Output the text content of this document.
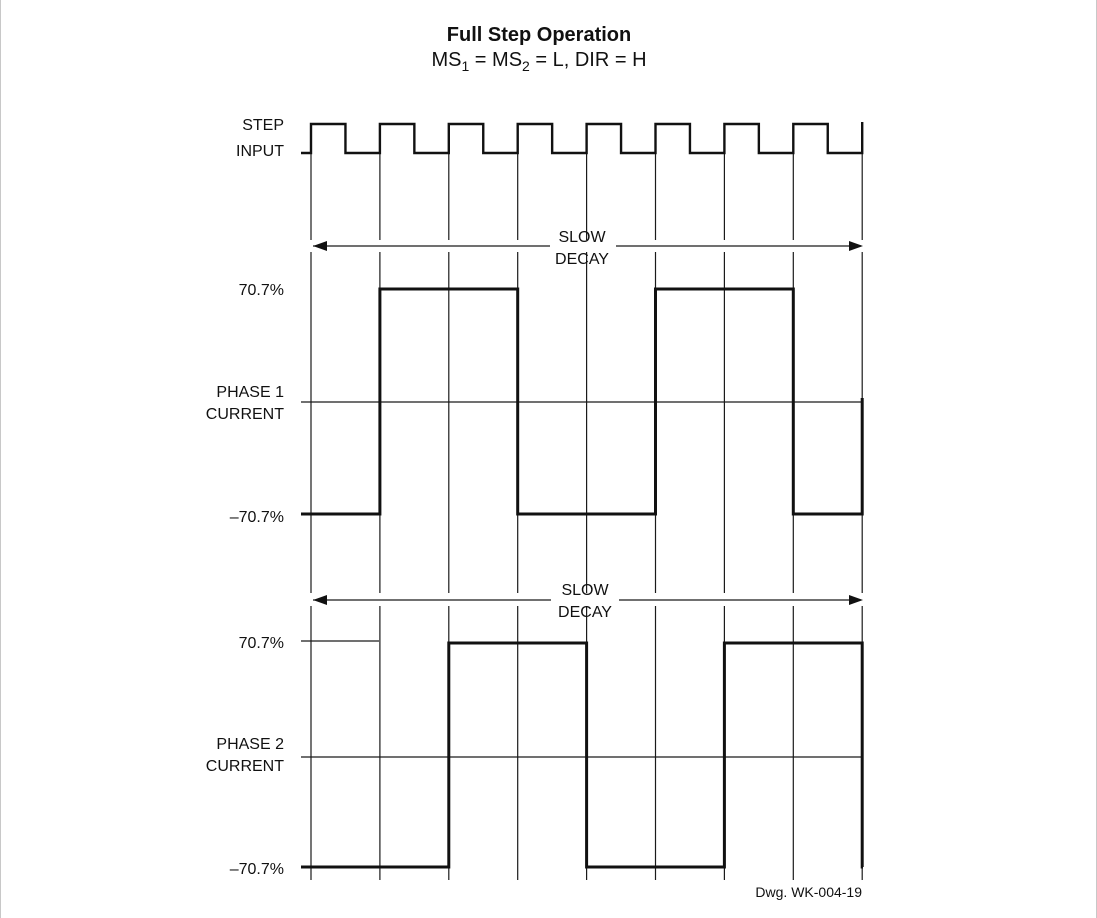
Full Step Operation
$MS_1 = MS_2 = L$, DIR = H
STEP
INPUT
SLOW
DECAY
70.7%
PHASE 1
CURRENT
–70.7%
SLOW
DECAY
70.7%
PHASE 2
CURRENT
–70.7%
Dwg. WK-004-19
